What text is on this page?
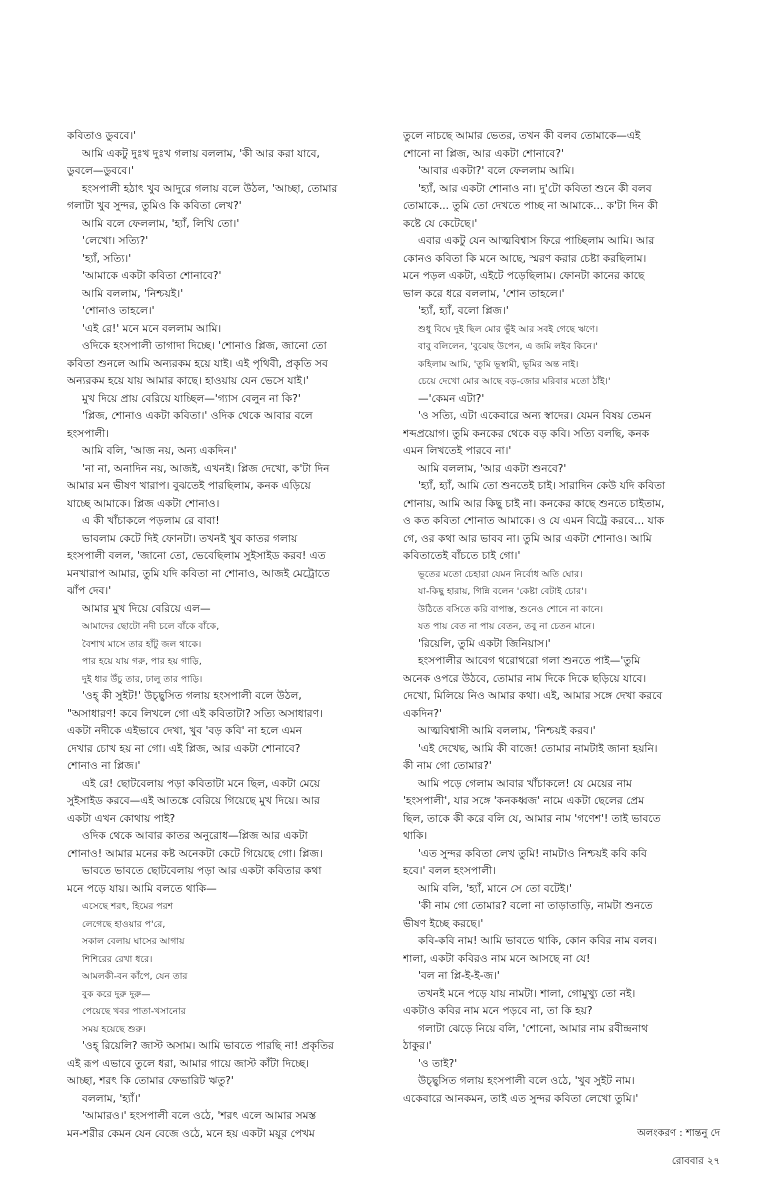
কবিতাও ডুববে।'
আমি একটু দুঃখ দুঃখ গলায় বললাম, 'কী আর করা যাবে,
ডুবলে—ডুববে।'
হংসপালী হঠাৎ খুব আদুরে গলায় বলে উঠল, 'আচ্ছা, তোমার
গলাটা খুব সুন্দর, তুমিও কি কবিতা লেখ?'
আমি বলে ফেললাম, 'হ্যাঁ, লিখি তো।'
'লেখো। সত্যি?'
'হ্যাঁ, সত্যি।'
'আমাকে একটা কবিতা শোনাবে?'
আমি বললাম, 'নিশ্চয়ই।'
'শোনাও তাহলে।'
'এই রে!' মনে মনে বললাম আমি।
ওদিকে হংসপালী তাগাদা দিচ্ছে। 'শোনাও প্লিজ, জানো তো
কবিতা শুনলে আমি অন্যরকম হয়ে যাই। এই পৃথিবী, প্রকৃতি সব
অন্যরকম হয়ে যায় আমার কাছে। হাওয়ায় যেন ভেসে যাই।'
মুখ দিয়ে প্রায় বেরিয়ে যাচ্ছিল—'গ্যাস বেলুন না কি?'
'প্লিজ, শোনাও একটা কবিতা।' ওদিক থেকে আবার বলে
হংসপালী।
আমি বলি, 'আজ নয়, অন্য একদিন।'
'না না, অনাদিন নয়, আজই, এখনই। প্লিজ দেখো, ক'টা দিন
আমার মন ভীষণ খারাপ। বুঝতেই পারছিলাম, কনক এড়িয়ে
যাচ্ছে আমাকে। প্লিজ একটা শোনাও।
এ কী খাঁচাকলে পড়লাম রে বাবা!
ভাবলাম কেটে দিই ফোনটা। তখনই খুব কাতর গলায়
হংসপালী বলল, 'জানো তো, ভেবেছিলাম সুইসাইড করব! এত
মনখারাপ আমার, তুমি যদি কবিতা না শোনাও, আজই মেট্রোতে
ঝাঁপ দেব।'
আমার মুখ দিয়ে বেরিয়ে এল—
আমাদের ছোটো নদী চলে বাঁকে বাঁকে,
বৈশাখ মাসে তার হাঁটু জল থাকে।
পার হয়ে যায় গরু, পার হয় গাড়ি,
দুই ধার উঁচু তার, ঢালু তার পাড়ি।
'ওহ্ কী সুইট!' উচ্ছ্বসিত গলায় হংসপালী বলে উঠল,
"অসাধারণ! কবে লিখলে গো এই কবিতাটা? সত্যি অসাধারণ।
একটা নদীকে এইভাবে দেখা, খুব 'বড় কবি' না হলে এমন
দেখার চোখ হয় না গো। এই প্লিজ, আর একটা শোনাবে?
শোনাও না প্লিজ।'
এই রে! ছোটবেলায় পড়া কবিতাটা মনে ছিল, একটা মেয়ে
সুইসাইড করবে—এই আতঙ্কে বেরিয়ে গিয়েছে মুখ দিয়ে। আর
একটা এখন কোথায় পাই?
ওদিক থেকে আবার কাতর অনুরোধ—প্লিজ আর একটা
শোনাও! আমার মনের কষ্ট অনেকটা কেটে গিয়েছে গো। প্লিজ।
ভাবতে ভাবতে ছোটবেলায় পড়া আর একটা কবিতার কথা
মনে পড়ে যায়। আমি বলতে থাকি—
এসেছে শরৎ, হিমের পরশ
লেগেছে হাওয়ার প'রে,
সকাল বেলায় ঘাসের আগায়
শিশিরের রেখা ধরে।
আমলকী-বন কাঁপে, যেন তার
বুক করে দুরু দুরু—
পেয়েছে খবর পাতা-খসানোর
সময় হয়েছে শুরু।
'ওহ্ রিয়েলি? জাস্ট অসাম। আমি ভাবতে পারছি না! প্রকৃতির
এই রূপ এভাবে তুলে ধরা, আমার গায়ে জাস্ট কাঁটা দিচ্ছে।
আচ্ছা, শরৎ কি তোমার ফেভারিট ঋতু?'
বললাম, 'হ্যাঁ।'
'আমারও।' হংসপালী বলে ওঠে, 'শরৎ এলে আমার সমস্ত
মন-শরীর কেমন যেন বেজে ওঠে, মনে হয় একটা ময়ূর পেখম
তুলে নাচছে আমার ভেতর, তখন কী বলব তোমাকে—এই
শোনো না প্লিজ, আর একটা শোনাবে?'
'আবার একটা?' বলে ফেললাম আমি।
'হ্যাঁ, আর একটা শোনাও না। দু'টো কবিতা শুনে কী বলব
তোমাকে... তুমি তো দেখতে পাচ্ছ না আমাকে... ক'টা দিন কী
কষ্টে যে কেটেছে।'
এবার একটু যেন আত্মবিশ্বাস ফিরে পাচ্ছিলাম আমি। আর
কোনও কবিতা কি মনে আছে, স্মরণ করার চেষ্টা করছিলাম।
মনে পড়ল একটা, এইটে পড়েছিলাম। ফোনটা কানের কাছে
ভাল করে ধরে বললাম, 'শোন তাহলে।'
'হ্যাঁ, হ্যাঁ, বলো প্লিজ।'
শুধু বিঘে দুই ছিল মোর ভুঁই আর সবই গেছে ঋণে।
বাবু বলিলেন, 'বুঝেছ উপেন, এ জমি লইব কিনে।'
কহিলাম আমি, 'তুমি ভূস্বামী, ভূমির অন্ত নাই।
চেয়ে দেখো মোর আছে বড়-জোর মরিবার মতো ঠাঁই।'
—'কেমন এটা?'
'ও সত্যি, এটা একেবারে অন্য স্বাদের। যেমন বিষয় তেমন
শব্দপ্রয়োগ। তুমি কনকের থেকে বড় কবি। সত্যি বলছি, কনক
এমন লিখতেই পারবে না।'
আমি বললাম, 'আর একটা শুনবে?'
'হ্যাঁ, হ্যাঁ, আমি তো শুনতেই চাই। সারাদিন কেউ যদি কবিতা
শোনায়, আমি আর কিছু চাই না। কনকের কাছে শুনতে চাইতাম,
ও কত কবিতা শোনাত আমাকে। ও যে এমন বিট্রে করবে... যাক
গে, ওর কথা আর ভাবব না। তুমি আর একটা শোনাও। আমি
কবিতাতেই বাঁচতে চাই গো।'
ভূতের মতো চেহারা যেমন নির্বোধ অতি ঘোর।
যা-কিছু হারায়, গিন্নি বলেন 'কেষ্টা বেটাই চোর'।
উঠিতে বসিতে করি বাপাস্ত, শুনেও শোনে না কানে।
যত পায় বেত না পায় বেতন, তবু না চেতন মানে।
'রিয়েলি, তুমি একটা জিনিয়াস।'
হংসপালীর আবেগ থরোথরো গলা শুনতে পাই—'তুমি
অনেক ওপরে উঠবে, তোমার নাম দিকে দিকে ছড়িয়ে যাবে।
দেখো, মিলিয়ে নিও আমার কথা। এই, আমার সঙ্গে দেখা করবে
একদিন?'
আত্মবিশ্বাসী আমি বললাম, 'নিশ্চয়ই করব।'
'এই দেখেছ, আমি কী বাজে! তোমার নামটাই জানা হয়নি।
কী নাম গো তোমার?'
আমি পড়ে গেলাম আবার খাঁচাকলে! যে মেয়ের নাম
'হংসপালী', যার সঙ্গে 'কনকধ্বজ' নামে একটা ছেলের প্রেম
ছিল, তাকে কী করে বলি যে, আমার নাম 'গণেশ'! তাই ভাবতে
থাকি।
'এত সুন্দর কবিতা লেখ তুমি! নামটাও নিশ্চয়ই কবি কবি
হবে।' বলল হংসপালী।
আমি বলি, 'হ্যাঁ, মানে সে তো বটেই।'
'কী নাম গো তোমার? বলো না তাড়াতাড়ি, নামটা শুনতে
ভীষণ ইচ্ছে করছে।'
কবি-কবি নাম! আমি ভাবতে থাকি, কোন কবির নাম বলব।
শালা, একটা কবিরও নাম মনে আসছে না যে!
'বল না প্লি-ই-ই-জ।'
তখনই মনে পড়ে যায় নামটা। শালা, গোমুখ্যু তো নই।
একটাও কবির নাম মনে পড়বে না, তা কি হয়?
গলাটা ঝেড়ে নিয়ে বলি, 'শোনো, আমার নাম রবীন্দ্রনাথ
ঠাকুর।'
'ও তাই?'
উচ্ছ্বসিত গলায় হংসপালী বলে ওঠে, 'খুব সুইট নাম।
একেবারে আনকমন, তাই এত সুন্দর কবিতা লেখো তুমি।'
অলংকরণ : শান্তনু দে
রোববার ২৭
